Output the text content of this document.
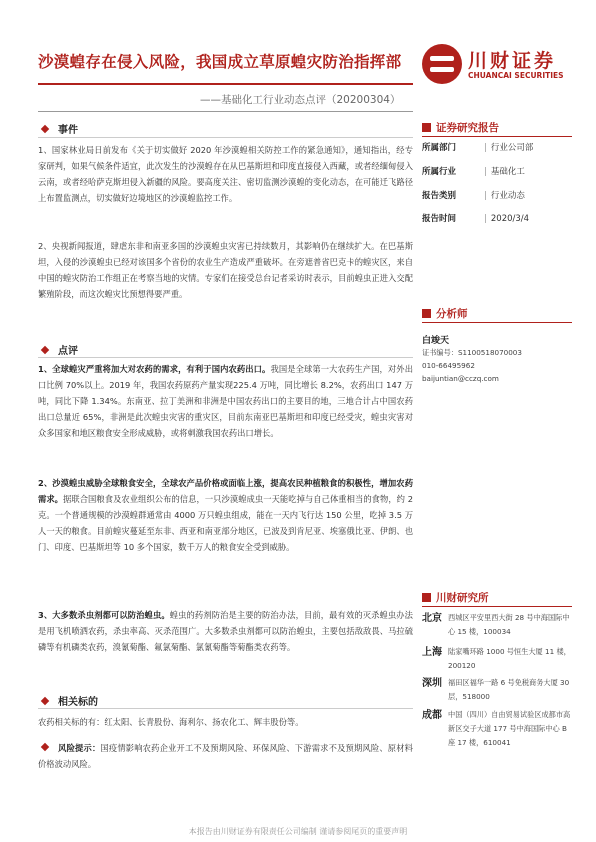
沙漠蝗存在侵入风险，我国成立草原蝗灾防治指挥部
——基础化工行业动态点评（20200304）
川财证券
CHUANCAI SECURITIES
事件
1、国家林业局日前发布《关于切实做好 2020 年沙漠蝗相关防控工作的紧急通知》，通知指出，经专家研判，如果气候条件适宜，此次发生的沙漠蝗存在从巴基斯坦和印度直接侵入西藏，或者经缅甸侵入云南，或者经哈萨克斯坦侵入新疆的风险。要高度关注、密切监测沙漠蝗的变化动态，在可能迁飞路径上布置监测点，切实做好边境地区的沙漠蝗监控工作。
2、央视新闻报道，肆虐东非和南亚多国的沙漠蝗虫灾害已持续数月，其影响仍在继续扩大。在巴基斯坦，入侵的沙漠蝗虫已经对该国多个省份的农业生产造成严重破坏。在旁遮普省巴克卡的蝗灾区，来自中国的蝗灾防治工作组正在考察当地的灾情。专家们在接受总台记者采访时表示，目前蝗虫正进入交配繁殖阶段，而这次蝗灾比预想得要严重。
点评
1、全球蝗灾严重将加大对农药的需求，有利于国内农药出口。我国是全球第一大农药生产国，对外出口比例 70%以上。2019 年，我国农药原药产量实现225.4 万吨，同比增长 8.2%，农药出口 147 万吨，同比下降 1.34%。东南亚、拉丁美洲和非洲是中国农药出口的主要目的地，三地合计占中国农药出口总量近 65%，非洲是此次蝗虫灾害的重灾区，目前东南亚巴基斯坦和印度已经受灾，蝗虫灾害对众多国家和地区粮食安全形成威胁，或将刺激我国农药出口增长。
2、沙漠蝗虫威胁全球粮食安全，全球农产品价格或面临上涨，提高农民种植粮食的积极性，增加农药需求。据联合国粮食及农业组织公布的信息，一只沙漠蝗成虫一天能吃掉与自己体重相当的食物，约 2 克。一个普通规模的沙漠蝗群通常由 4000 万只蝗虫组成，能在一天内飞行达 150 公里，吃掉 3.5 万人一天的粮食。目前蝗灾蔓延至东非、西亚和南亚部分地区，已波及到肯尼亚、埃塞俄比亚、伊朗、也门、印度、巴基斯坦等 10 多个国家，数千万人的粮食安全受到威胁。
3、大多数杀虫剂都可以防治蝗虫。蝗虫的药剂防治是主要的防治办法，目前，最有效的灭杀蝗虫办法是用飞机喷洒农药，杀虫率高、灭杀范围广。大多数杀虫剂都可以防治蝗虫，主要包括敌敌畏、马拉硫磷等有机磷类农药，溴氰菊酯、氟氯菊酯、氯氰菊酯等菊酯类农药等。
相关标的
农药相关标的有：红太阳、长青股份、海利尔、扬农化工、辉丰股份等。
风险提示：国疫情影响农药企业开工不及预期风险、环保风险、下游需求不及预期风险、原材料价格波动风险。
证券研究报告
所属部门	| 行业公司部
所属行业	| 基础化工
报告类别	| 行业动态
报告时间	| 2020/3/4
分析师
白竣天
证书编号：S1100518070003
010-66495962
baijuntian@cczq.com
川财研究所
北京 西城区平安里西大街 28 号中海国际中心 15 楼，100034
上海 陆家嘴环路 1000 号恒生大厦 11 楼，200120
深圳 福田区福华一路 6 号免税商务大厦 30 层，518000
成都 中国（四川）自由贸易试验区成都市高新区交子大道 177 号中海国际中心 B 座 17 楼，610041
本报告由川财证券有限责任公司编制 谨请参阅尾页的重要声明
